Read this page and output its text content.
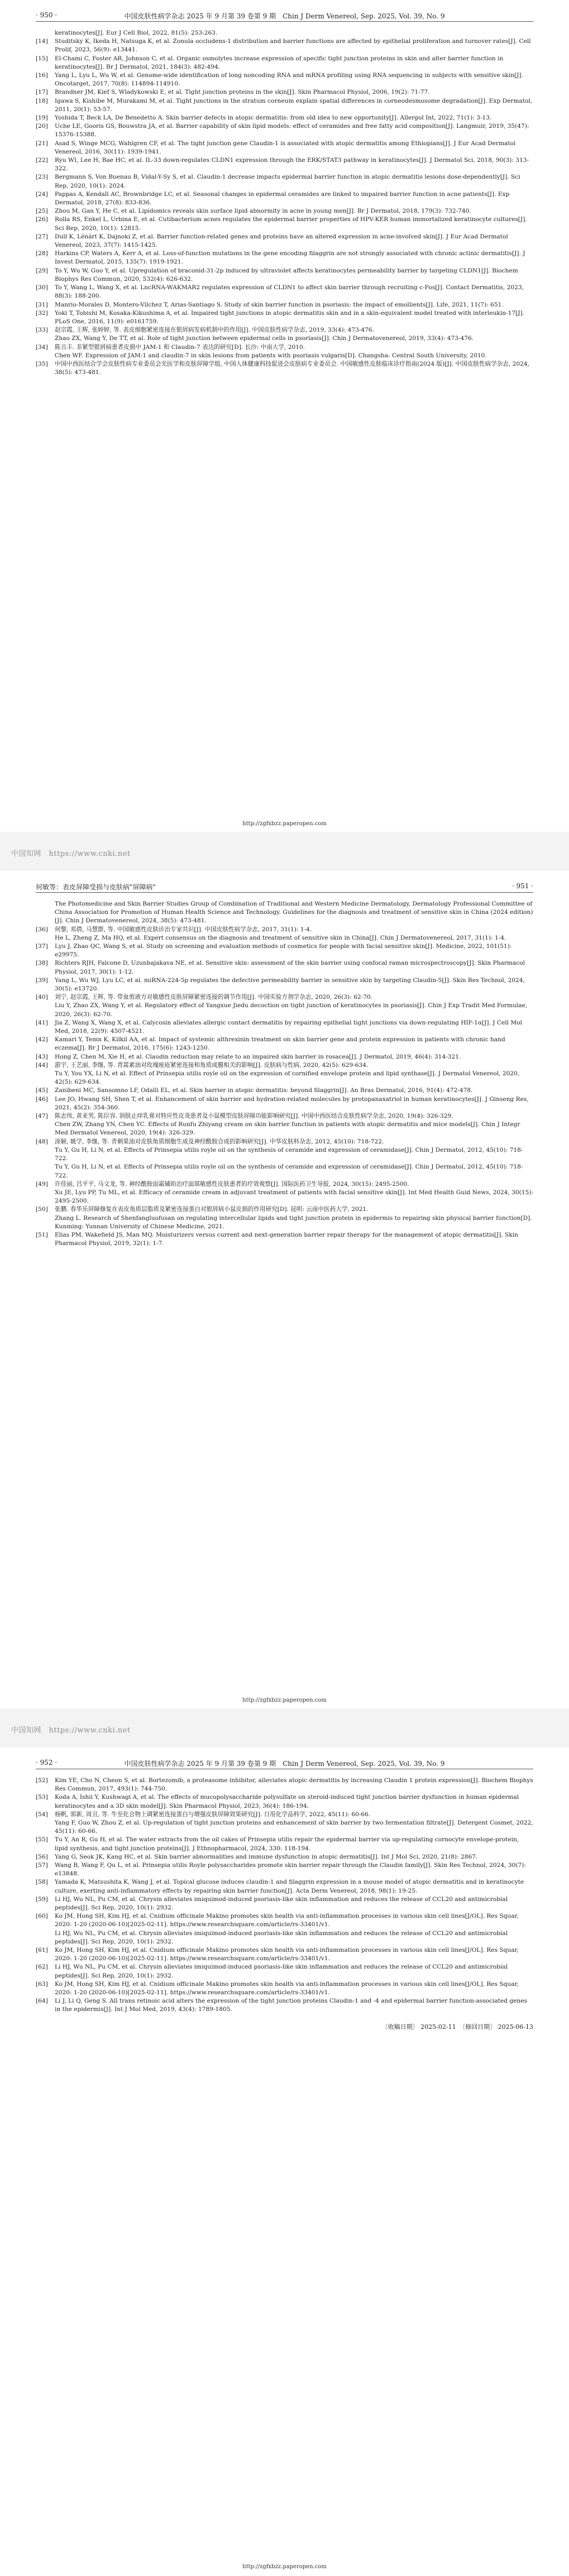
· 950 ·	中国皮肤性病学杂志 2025 年 9 月第 39 卷第 9 期　Chin J Derm Venereol, Sep. 2025, Vol. 39, No. 9

keratinocytes[J]. Eur J Cell Biol, 2022, 81(5): 253-263.

[14]	Studitsky K, Ikeda H, Natsuga K, et al. Zonula occludens-1 distribution and barrier functions are affected by epithelial proliferation and turnover rates[J]. Cell Prolif, 2023, 56(9): e13441.

[15]	El-Chami C, Foster AR, Johnson C, et al. Organic osmolytes increase expression of specific tight junction proteins in skin and alter barrier function in keratinocytes[J]. Br J Dermatol, 2021, 184(3): 482-494.

[16]	Yang L, Lyu L, Wu W, et al. Genome-wide identification of long noncoding RNA and mRNA profiling using RNA sequencing in subjects with sensitive skin[J]. Oncotarget, 2017, 70(8): 114894-114910.

[17]	Brandner JM, Kief S, Wladykowski E, et al. Tight junction proteins in the skin[J]. Skin Pharmacol Physiol, 2006, 19(2): 71-77.

[18]	Igawa S, Kishibe M, Murakami M, et al. Tight junctions in the stratum corneum explain spatial differences in corneodesmosome degradation[J]. Exp Dermatol, 2011, 20(1): 53-57.

[19]	Yoshida T, Beck LA, De Benedetto A. Skin barrier defects in atopic dermatitis: from old idea to new opportunity[J]. Allergol Int, 2022, 71(1): 3-13.

[20]	Uche LE, Gooris GS, Bouwstra JA, et al. Barrier capability of skin lipid models: effect of ceramides and free fatty acid composition[J]. Langmuir, 2019, 35(47): 15376-15388.

[21]	Asad S, Winge MCG, Wahlgren CF, et al. The tight junction gene Claudin-1 is associated with atopic dermatitis among Ethiopians[J]. J Eur Acad Dermatol Venereol, 2016, 30(11): 1939-1941.

[22]	Ryu WI, Lee H, Bae HC, et al. IL-33 down-regulates CLDN1 expression through the ERK/STAT3 pathway in keratinocytes[J]. J Dermatol Sci, 2018, 90(3): 313-322.

[23]	Bergmann S, Von Buenau B, Vidal-Y-Sy S, et al. Claudin-1 decrease impacts epidermal barrier function in atopic dermatitis lesions dose-dependently[J]. Sci Rep, 2020, 10(1): 2024.

[24]	Pappas A, Kendall AC, Brownbridge LC, et al. Seasonal changes in epidermal ceramides are linked to impaired barrier function in acne patients[J]. Exp Dermatol, 2018, 27(8): 833-836.

[25]	Zhou M, Gan Y, He C, et al. Lipidomics reveals skin surface lipid abnormity in acne in young men[J]. Br J Dermatol, 2018, 179(3): 732-740.

[26]	Rolla RS, Enkel L, Urbina E, et al. Cutibacterium acnes regulates the epidermal barrier properties of HPV-KER human immortalized keratinocyte cultures[J]. Sci Rep, 2020, 10(1): 12815.

[27]	Dull K, Lénárt K, Dajnoki Z, et al. Barrier function-related genes and proteins have an altered expression in acne-involved skin[J]. J Eur Acad Dermatol Venereol, 2023, 37(7): 1415-1425.

[28]	Harkins CP, Waters A, Kerr A, et al. Loss-of-function mutations in the gene encoding filaggrin are not strongly associated with chronic actinic dermatitis[J]. J Invest Dermatol, 2015, 135(7): 1919-1921.

[29]	To Y, Wu W, Guo Y, et al. Upregulation of braconid-31-2p induced by ultraviolet affects keratinocytes permeability barrier by targeting CLDN1[J]. Biochem Biophys Res Commun, 2020, 532(4): 626-632.

[30]	To Y, Wang L, Wang X, et al. LncRNA-WAKMAR2 regulates expression of CLDN1 to affect skin barrier through recruiting c-Fos[J]. Contact Dermatitis, 2023, 88(3): 188-200.

[31]	Manrio-Morales D, Montero-Vilchez T, Arias-Santiago S. Study of skin barrier function in psoriasis: the impact of emollients[J]. Life, 2021, 11(7): 651.

[32]	Yoki T, Tobishi M, Kosaka-Kikushima A, et al. Impaired tight junctions in atopic dermatitis skin and in a skin-equivalent model treated with interleukin-17[J]. PLoS One, 2016, 11(9): e0161759.

[33]	赵宗霞, 王辉, 张婷婷, 等. 表皮细胞紧密连接在银屑病发病机制中的作用[J]. 中国皮肤性病学杂志, 2019, 33(4): 473-476.

Zhao ZX, Wang Y, De TT, et al. Role of tight junction between epidermal cells in psoriasis[J]. Chin J Dermatovenereol, 2019, 33(4): 473-476.

[34]	陈丑丰. 非紧型银屑病患者皮损中 JAM-1 和 Claudin-7 表达的研究[D]. 长沙: 中南大学, 2010.

Chen WF. Expression of JAM-1 and claudin-7 in skin lesions from patients with psoriasis vulgaris[D]. Changsha: Central South University, 2010.

[35]	中国中西医结合学会皮肤性病专业委员会光医学和皮肤屏障学组, 中国人体健康科技促进会皮肤病专业委员会. 中国敏感性皮肤临床诊疗指南(2024 版)[J]. 中国皮肤性病学杂志, 2024, 38(5): 473-481.

http://zgfxbzz.paperopen.com
中国知网　https://www.cnki.net
何敏等：表皮屏障受损与皮肤病"屏障病"	· 951 ·

The Photomedicine and Skin Barrier Studies Group of Combination of Traditional and Western Medicine Dermatology, Dermatology Professional Committee of China Association for Promotion of Human Health Science and Technology. Guidelines for the diagnosis and treatment of sensitive skin in China (2024 edition)[J]. Chin J Dermatovenereol, 2024, 38(5): 473-481.

[36]	何黎, 邓倩, 马慧群, 等. 中国敏感性皮肤诊治专家共识[J]. 中国皮肤性病学杂志, 2017, 31(1): 1-4.

He L, Zheng Z, Ma HQ, et al. Expert consensus on the diagnosis and treatment of sensitive skin in China[J]. Chin J Dermatovenereol, 2017, 31(1): 1-4.

[37]	Lyu J, Zhao QC, Wang S, et al. Study on screening and evaluation methods of cosmetics for people with facial sensitive skin[J]. Medicine, 2022, 101(51): e29975.

[38]	Richters RJH, Falcone D, Uzunbajakava NE, et al. Sensitive skin: assessment of the skin barrier using confocal raman microspectroscopy[J]. Skin Pharmacol Physiol, 2017, 30(1): 1-12.

[39]	Yang L, Wu WJ, Lyu LC, et al. miRNA-224-5p regulates the defective permeability barrier in sensitive skin by targeting Claudin-5[J]. Skin Res Technol, 2024, 30(5): e13720.

[40]	刘宁, 赵宗霞, 王辉, 等. 带血剪液方对敏感性皮肤屏障紧密连接的调节作用[J]. 中国实验方剂学杂志, 2020, 26(3): 62-70.

Liu Y, Zhao ZX, Wang Y, et al. Regulatory effect of Yangxue Jiedu decoction on tight junction of keratinocytes in psoriasis[J]. Chin J Exp Tradit Med Formulae, 2020, 26(3): 62-70.

[41]	Jia Z, Wang X, Wang X, et al. Calycosin alleviates allergic contact dermatitis by repairing epithelial tight junctions via down-regulating HIF-1α[J]. J Cell Mol Med, 2018, 22(9): 4507-4521.

[42]	Kamari Y, Temn K, Kilkil AA, et al. Impact of systemic althrexinin treatment on skin barrier gene and protein expression in patients with chronic hand eczema[J]. Br J Dermatol, 2016, 175(6): 1243-1250.

[43]	Hong Z, Chen M, Xie H, et al. Claudin reduction may relate to an impaired skin barrier in rosacea[J]. J Dermatol, 2019, 46(4): 314-321.

[44]	游宇, 王艺丽, 李继, 等. 青蒿素油对玫瑰痤疮紧密连接和角质成膜相关的影响[J]. 皮肤病与性病, 2020, 42(5): 629-634.

Tu Y, You YX, Li N, et al. Effect of Prinsepia utilis royle oil on the expression of cornified envelope protein and lipid synthase[J]. J Dermatol Venereol, 2020, 42(5): 629-634.

[45]	Zanibeni MC, Sansomno LF, Odalli EL, et al. Skin barrier in atopic dermatitis: beyond filaggrin[J]. An Bras Dermatol, 2016, 91(4): 472-478.

[46]	Lee JO, Hwang SH, Shen T, et al. Enhancement of skin barrier and hydration-related molecules by protopanaxatriol in human keratinocytes[J]. J Ginseng Res, 2021, 45(2): 354-360.

[47]	陈志伟, 黄亚男, 陈臣容. 润肤止痒乳膏对特应性皮炎患者及小鼠模型皮肤屏障功能影响研究[J]. 中国中西医结合皮肤性病学杂志, 2020, 19(4): 326-329.

Chen ZW, Zhang YN, Chen YC. Effects of Runfu Zhiyang cream on skin barrier function in patients with atopic dermatitis and mice models[J]. Chin J Integr Med Dermatol Venereol, 2020, 19(4): 326-329.

[48]	涂颖, 姚学, 李继, 等. 青刺果油对皮肤角质细胞生成及神经酰胺合成的影响研究[J]. 中华皮肤科杂志, 2012, 45(10): 718-722.

Tu Y, Gu H, Li N, et al. Effects of Prinsepia utilis royle oil on the synthesis of ceramide and expression of ceramidase[J]. Chin J Dermatol, 2012, 45(10): 718-722.

Tu Y, Gu H, Li N, et al. Effects of Prinsepia utilis royle oil on the synthesis of ceramide and expression of ceramidase[J]. Chin J Dermatol, 2012, 45(10): 718-722.

[49]	许佳丽, 吕平平, 马文龙, 等. 神经酰胺面霜辅助治疗面部敏感性皮肤患者的疗效观察[J]. 国际医药卫生导报, 2024, 30(15): 2495-2500.

Xu JE, Lyu PP, Tu ML, et al. Efficacy of ceramide cream in adjuvant treatment of patients with facial sensitive skin[J]. Int Med Health Guid News, 2024, 30(15): 2495-2500.

[50]	张鹏. 春华乐屏障修复在表皮角质层脂质及紧密连接蛋白对银屑病小鼠皮损的作用研究[D]. 昆明: 云南中医药大学, 2021.

Zhang L. Research of Shenfangluofusan on regulating intercellular lipids and tight junction protein in epidermis to repairing skin physical barrier function[D]. Kunming: Yunnan University of Chinese Medicine, 2021.

[51]	Elias PM, Wakefield JS, Man MQ. Moisturizers versus current and next-generation barrier repair therapy for the management of atopic dermatitis[J]. Skin Pharmacol Physiol, 2019, 32(1): 1-7.

http://zgfxbzz.paperopen.com
中国知网　https://www.cnki.net
· 952 ·	中国皮肤性病学杂志 2025 年 9 月第 39 卷第 9 期　Chin J Derm Venereol, Sep. 2025, Vol. 39, No. 9

[52]	Kim YE, Cho N, Cheon S, et al. Bortezomib, a proteasome inhibitor, alleviates atopic dermatitis by increasing Claudin 1 protein expression[J]. Biochem Biophys Res Commun, 2017, 493(1): 744-750.

[53]	Koda A, Ishii Y, Kushwagi A, et al. The effects of mucopolysaccharide polysulfate on steroid-induced tight junction barrier dysfunction in human epidermal keratinocytes and a 3D skin model[J]. Skin Pharmacol Physiol, 2023, 36(4): 186-194.

[54]	杨帆, 郭新, 周丑, 等. 牛至化合物上调紧密连接蛋白与增强皮肤屏障效果研究[J]. 日用化学品科学, 2022, 45(11): 60-66.

Yang F, Guo W, Zhou Z, et al. Up-regulation of tight junction proteins and enhancement of skin barrier by two fermentation filtrate[J]. Detergent Cosmet, 2022, 45(11): 60-66.

[55]	Tu Y, An R, Gu H, et al. The water extracts from the oil cakes of Prinsepia utilis repair the epidermal barrier via up-regulating cornocyte envelope-protein, lipid synthesis, and tight junction proteins[J]. J Ethnopharmacol, 2024, 330: 118-194.

[56]	Yang G, Seok JK, Kang HC, et al. Skin barrier abnormalities and immune dysfunction in atopic dermatitis[J]. Int J Mol Sci, 2020, 21(8): 2867.

[57]	Wang B, Wang F, Qu L, et al. Prinsepia utilis Royle polysaccharides promote skin barrier repair through the Claudin family[J]. Skin Res Technol, 2024, 30(7): e13848.

[58]	Yamada K, Matsushita K, Wang J, et al. Topical glucose induces claudin-1 and filaggrin expression in a mouse model of atopic dermatitis and in keratinocyte culture, exerting anti-inflammatory effects by repairing skin barrier function[J]. Acta Derm Venereol, 2018, 98(1): 19-25.

[59]	Li HJ, Wu NL, Pu CM, et al. Chrysin alleviates imiquimod-induced psoriasis-like skin inflammation and reduces the release of CCL20 and antimicrobial peptides[J]. Sci Rep, 2020, 10(1): 2932.

[60]	Ko JM, Hong SH, Kim HJ, et al. Cnidium officinale Makino promotes skin health via anti-inflammation processes in various skin cell lines[J/OL]. Res Squar, 2020: 1-20 (2020-06-10)[2025-02-11]. https://www.researchsquare.com/article/rs-33401/v1.

Li HJ, Wu NL, Pu CM, et al. Chrysin alleviates imiquimod-induced psoriasis-like skin inflammation and reduces the release of CCL20 and antimicrobial peptides[J]. Sci Rep, 2020, 10(1): 2932.

[61]	Ko JM, Hong SH, Kim HJ, et al. Cnidium officinale Makino promotes skin health via anti-inflammation processes in various skin cell lines[J/OL]. Res Squar, 2020: 1-20 (2020-06-10)[2025-02-11]. https://www.researchsquare.com/article/rs-33401/v1.

[62]	Li HJ, Wu NL, Pu CM, et al. Chrysin alleviates imiquimod-induced psoriasis-like skin inflammation and reduces the release of CCL20 and antimicrobial peptides[J]. Sci Rep, 2020, 10(1): 2932.

[63]	Ko JM, Hong SH, Kim HJ, et al. Cnidium officinale Makino promotes skin health via anti-inflammation processes in various skin cell lines[J/OL]. Res Squar, 2020: 1-20 (2020-06-10)[2025-02-11]. https://www.researchsquare.com/article/rs-33401/v1.

[64]	Li J, Li Q, Geng S. All trans retinoic acid alters the expression of the tight junction proteins Claudin-1 and -4 and epidermal barrier function-associated genes in the epidermis[J]. Int J Mol Med, 2019, 43(4): 1789-1805.

〔收稿日期〕 2025-02-11　〔修回日期〕 2025-06-13
http://zgfxbzz.paperopen.com
